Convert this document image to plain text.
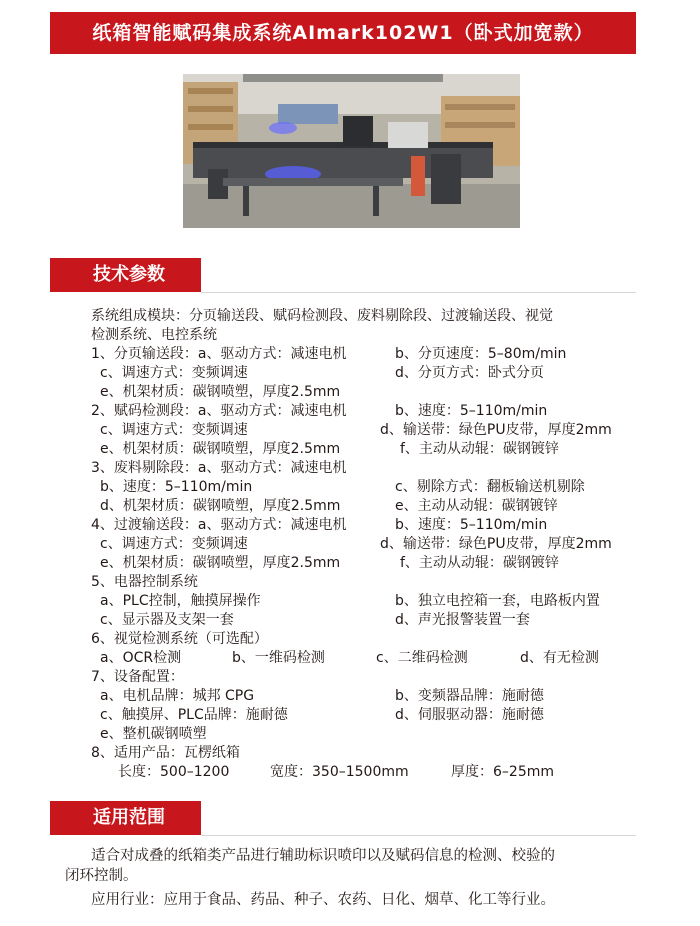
纸箱智能赋码集成系统AImark102W1（卧式加宽款）
技术参数
系统组成模块：分页输送段、赋码检测段、废料剔除段、过渡输送段、视觉
检测系统、电控系统
1、分页输送段：a、驱动方式：减速电机	b、分页速度：5–80m/min
c、调速方式：变频调速	d、分页方式：卧式分页
e、机架材质：碳钢喷塑，厚度2.5mm
2、赋码检测段：a、驱动方式：减速电机	b、速度：5–110m/min
c、调速方式：变频调速	d、输送带：绿色PU皮带，厚度2mm
e、机架材质：碳钢喷塑，厚度2.5mm	f、主动从动辊：碳钢镀锌
3、废料剔除段：a、驱动方式：减速电机
b、速度：5–110m/min	c、剔除方式：翻板输送机剔除
d、机架材质：碳钢喷塑，厚度2.5mm	e、主动从动辊：碳钢镀锌
4、过渡输送段：a、驱动方式：减速电机	b、速度：5–110m/min
c、调速方式：变频调速	d、输送带：绿色PU皮带，厚度2mm
e、机架材质：碳钢喷塑，厚度2.5mm	f、主动从动辊：碳钢镀锌
5、电器控制系统
a、PLC控制，触摸屏操作	b、独立电控箱一套，电路板内置
c、显示器及支架一套	d、声光报警装置一套
6、视觉检测系统（可选配）
a、OCR检测	b、一维码检测	c、二维码检测	d、有无检测
7、设备配置：
a、电机品牌：城邦 CPG	b、变频器品牌：施耐德
c、触摸屏、PLC品牌：施耐德	d、伺服驱动器：施耐德
e、整机碳钢喷塑
8、适用产品：瓦楞纸箱
长度：500–1200	宽度：350–1500mm	厚度：6–25mm
适用范围
适合对成叠的纸箱类产品进行辅助标识喷印以及赋码信息的检测、校验的
闭环控制。
应用行业：应用于食品、药品、种子、农药、日化、烟草、化工等行业。
